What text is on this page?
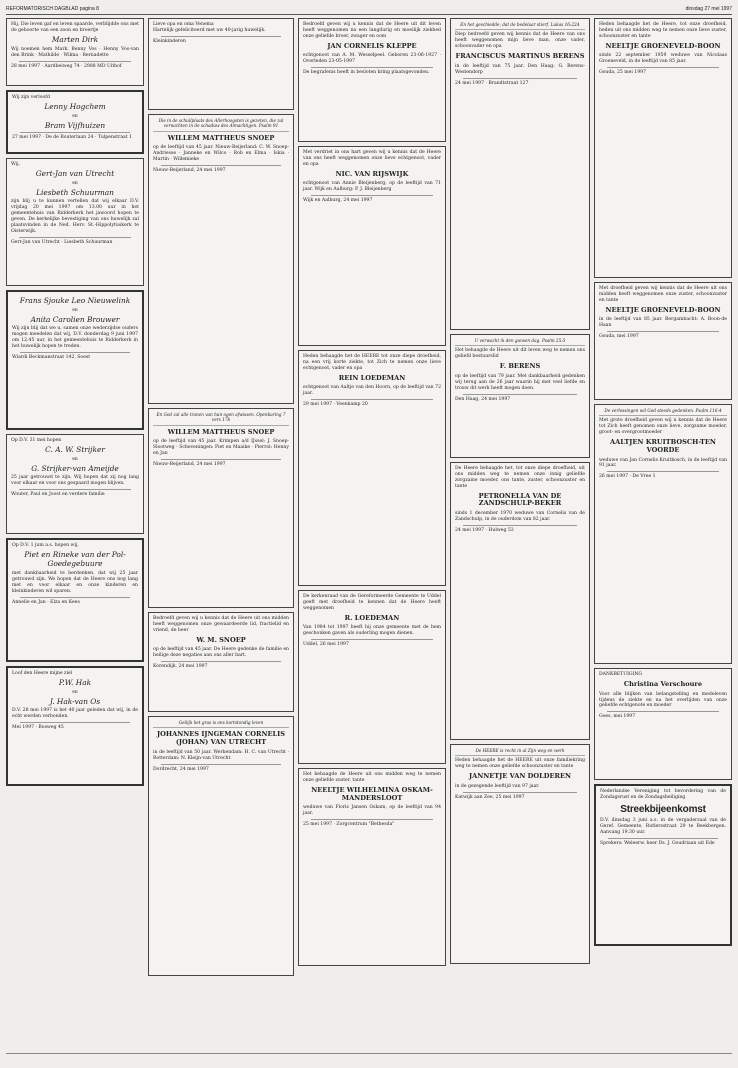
REFORMATORISCH DAGBLAD pagina 8	dinsdag 27 mei 1997
Hij, Die leven gaf en leven spaarde, verblijdde ons met de geboorte van een zoon en broertje
Marten Dirk
Wij noemen hem Mark. Benny Vos · Henny Vos-van den Brink · Mathilde · Wilma · Bernadette
28 mei 1997 · Aardbeiweg 74 · 2988 MD Uithof
Wij zijn verloofd
Lenny Hogchem
en
Bram Vijfhuizen
27 mei 1997 · De de Bouterlaan 24 · Tulpenstraat 1
Wij,
Gert-Jan van Utrecht
en
Liesbeth Schuurman
zijn blij u te kunnen vertellen dat wij elkaar D.V. vrijdag 20 mei 1997 om 13.00 uur in het gemeentehuis van Ridderkerk het jawoord hopen te geven. De kerkelijke bevestiging van ons huwelijk zal plaatsvinden in de Ned. Herv. St.-Hippolytuskerk te Oisterwijk.
Gert-Jan van Utrecht · Liesbeth Schuurman
Frans Sjouke Leo Nieuwelink
en
Anita Carolien Brouwer
Wij zijn blij dat we u, samen onze wederzijdse ouders mogen meedelen dat wij, D.V. donderdag 9 juni 1997 om 12.45 uur, in het gemeentehuis te Ridderkerk in het huwelijk hopen te treden.
Wiardi Beckmanstraat 142, Soest
Op D.V. 31 mei hopen
C. A. W. Strijker
en
G. Strijker-van Ameijde
25 jaar getrouwd te zijn. Wij hopen dat zij nog lang voor elkaar en voor ons gespaard mogen blijven.
Wouter, Paul en Joost en verdere familie
Op D.V. 1 juni a.s. hopen wij,
Piet en Rineke van der Pol-Goedegebuure
met dankbaarheid te herdenken, dat wij 25 jaar getrouwd zijn. We hopen dat de Heere ons nog lang met en voor elkaar en onze kinderen en kleinkinderen wil sparen.
Annelie en Jan · Elza en Kees
Loof den Heere mijne ziel
P.W. Hak
en
J. Hak-van Os
D.V. 28 mei 1997 is het 40 jaar geleden dat wij, in de echt werden verbonden.
Mei 1997 · Bosweg 45
Lieve opa en oma Venema
Hartelijk gefeliciteerd met uw 40-jarig huwelijk.
Kleinkinderen
Die in de schuilplaats des Allerhoogsten is gezeten, die zal vernachten in de schaduw des Almachtigen. Psalm 91
WILLEM MATTHEUS SNOEP
op de leeftijd van 45 jaar. Nieuw-Beijerland: C. W. Snoep-Andriesse · Janneke en Wilco · Rob en Elma · Iskia · Martin · Willemieke
Nieuw-Beijerland, 24 mei 1997
En God zal alle tranen van hun ogen afwissen. Openbaring 7 vers 17b
WILLEM MATTHEUS SNOEP
op de leeftijd van 45 jaar. Krimpen a/d IJssel: J. Snoep-Slootweg · Scheveningen: Piet en Maaike · Pierrol: Henny en Jan
Nieuw-Beijerland, 24 mei 1997
Bedroefd geven wij u kennis dat de Heere uit ons midden heeft weggenomen onze gewaardeerde lid, fractielid en vriend, de heer
W. M. SNOEP
op de leeftijd van 45 jaar. De Heere gedenke de familie en heilige deze negaties aan ons aller hart.
Korendijk, 24 mei 1997
Geliijk het gras is ons kortstondig leven
JOHANNES IJNGEMAN CORNELIS (JOHAN) VAN UTRECHT
in de leeftijd van 50 jaar. Werkendam: H. C. van Utrecht · Rotterdam: N. Kleijn-van Utrecht
Dordrecht, 24 mei 1997
Bedroefd geven wij u kennis dat de Heere uit dit leven heeft weggenomen na een langdurig en moeilijk ziekbed onze geliefde broer, zwager en oom
JAN CORNELIS KLEPPE
echtgenoot van A. M. Wesselpeel. Geboren 23-06-1927 · Overleden 23-05-1997
De begrafenis heeft in besloten kring plaatsgevonden.
Met verdriet in ons hart geven wij u kennis dat de Heere van ons heeft weggenomen onze lieve echtgenoot, vader en opa
NIC. VAN RIJSWIJK
echtgenoot van Annie Bleijenberg, op de leeftijd van 71 jaar. Wijk en Aalburg: P. J. Bleijenberg
Wijk en Aalburg, 24 mei 1997
Heden behaagde het de HEERE tot onze diepe droefheid, na een vrij korte ziekte, tot Zich te nemen onze lieve echtgenoot, vader en opa
REIN LOEDEMAN
echtgenoot van Aaltje van den Hoorn, op de leeftijd van 72 jaar.
29 mei 1997 · Veenkamp 20
De kerkenraad van de Gereformeerde Gemeente te Uddel geeft met droefheid te kennen dat de Heere heeft weggenomen
R. LOEDEMAN
Van 1984 tot 1997 heeft hij onze gemeente met de hem geschonken gaven als ouderling mogen dienen.
Uddel, 26 mei 1997
Het behaagde de Heere uit ons midden weg te nemen onze geliefde zuster, tante
NEELTJE WILHELMINA OSKAM-MANDERSLOOT
weduwe van Floris Jansen Oskam, op de leeftijd van 94 jaar.
25 mei 1997 · Zorgcentrum "Bethesda"
En het geschiedde, dat de bedelaar stierf. Lukas 16:22A
Diep bedroefd geven wij kennis dat de Heere van ons heeft weggenomen mijn lieve man, onze vader, schoonvader en opa
FRANCISCUS MARTINUS BERENS
in de leeftijd van 75 jaar. Den Haag: G. Berens-Westendorp
24 mei 1997 · Brandtstraat 127
U verwacht ik den gansen dag. Psalm 25:5
Het behaagde de Heere uit dit leven weg te nemen ons geliefd bestuurslid
F. BERENS
op de leeftijd van 79 jaar. Met dankbaarheid gedenken wij terug aan de 26 jaar waarin hij met veel liefde en trouw dit werk heeft mogen doen.
Den Haag, 24 mei 1997
De Heere behaagde het, tot onze diepe droefheid, uit ons midden weg te nemen onze innig geliefde zorgzame moeder, ons tante, zuster, schoonzuster en tante
PETRONELLA VAN DE ZANDSCHULP-BEKER
sinds 1 december 1970 weduwe van Cornelis van de Zandschulp, in de ouderdom van 82 jaar.
24 mei 1997 · Hulweg 53
De HEERE is recht in al Zijn weg en werk
Heden behaagde het de HEERE uit onze familiekring weg te nemen onze geliefde schoonzuster en tante
JANNETJE VAN DOLDEREN
in de gezegende leeftijd van 97 jaar.
Katwijk aan Zee, 25 mei 1997
Heden behaagde het de Heere, tot onze droefheid, heden uit ons midden weg te nemen onze lieve zuster, schoonzuster en tante
NEELTJE GROENEVELD-BOON
sinds 22 september 1959 weduwe van Nicolaas Groeneveld, in de leeftijd van 85 jaar.
Gouda, 25 mei 1997
Met droefheid geven wij kennis dat de Heere uit ons midden heeft weggenomen onze zuster, schoonzuster en tante
NEELTJE GROENEVELD-BOON
in de leeftijd van 85 jaar. Bergambacht: A. Boon-de Haan
Gouda, mei 1997
De verlossingen wil God steeds gedenken. Psalm 116:4
Met grote droefheid geven wij u kennis dat de Heere tot Zich heeft genomen onze lieve, zorgzame moeder, groot- en overgrootmoeder
AALTJEN KRUITBOSCH-TEN VOORDE
weduwe van Jan Cornelis Kruitbosch, in de leeftijd van 91 jaar.
26 mei 1997 · De Vree 1
DANKBETUIGING
Christina Verschoure
Voor alle blijken van belangstelling en medeleven tijdens de ziekte en na het overlijden van onze geliefde echtgenote en moeder
Goes, mei 1997
Nederlandse Vereniging tot bevordering van de Zondagsrust en de Zondagsheiliging
Streekbijeenkomst
D.V. dinsdag 3 juni a.s. in de vergaderzaal van de Geref. Gemeente, Rutlersstraat 29 te Beekbergen. Aanvang 19.30 uur.
Sprekers: Weleerw. heer Ds. J. Goudriaan uit Ede
